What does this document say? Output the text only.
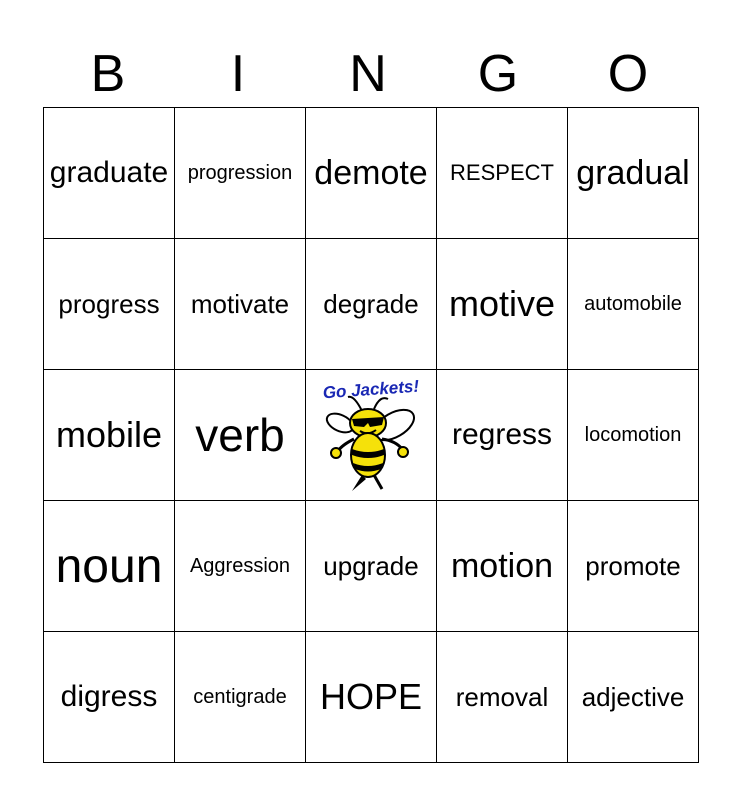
B	I	N	G	O
graduate	progression	demote	RESPECT	gradual
progress	motivate	degrade	motive	automobile
mobile	verb	Go Jackets!	regress	locomotion
noun	Aggression	upgrade	motion	promote
digress	centigrade	HOPE	removal	adjective
